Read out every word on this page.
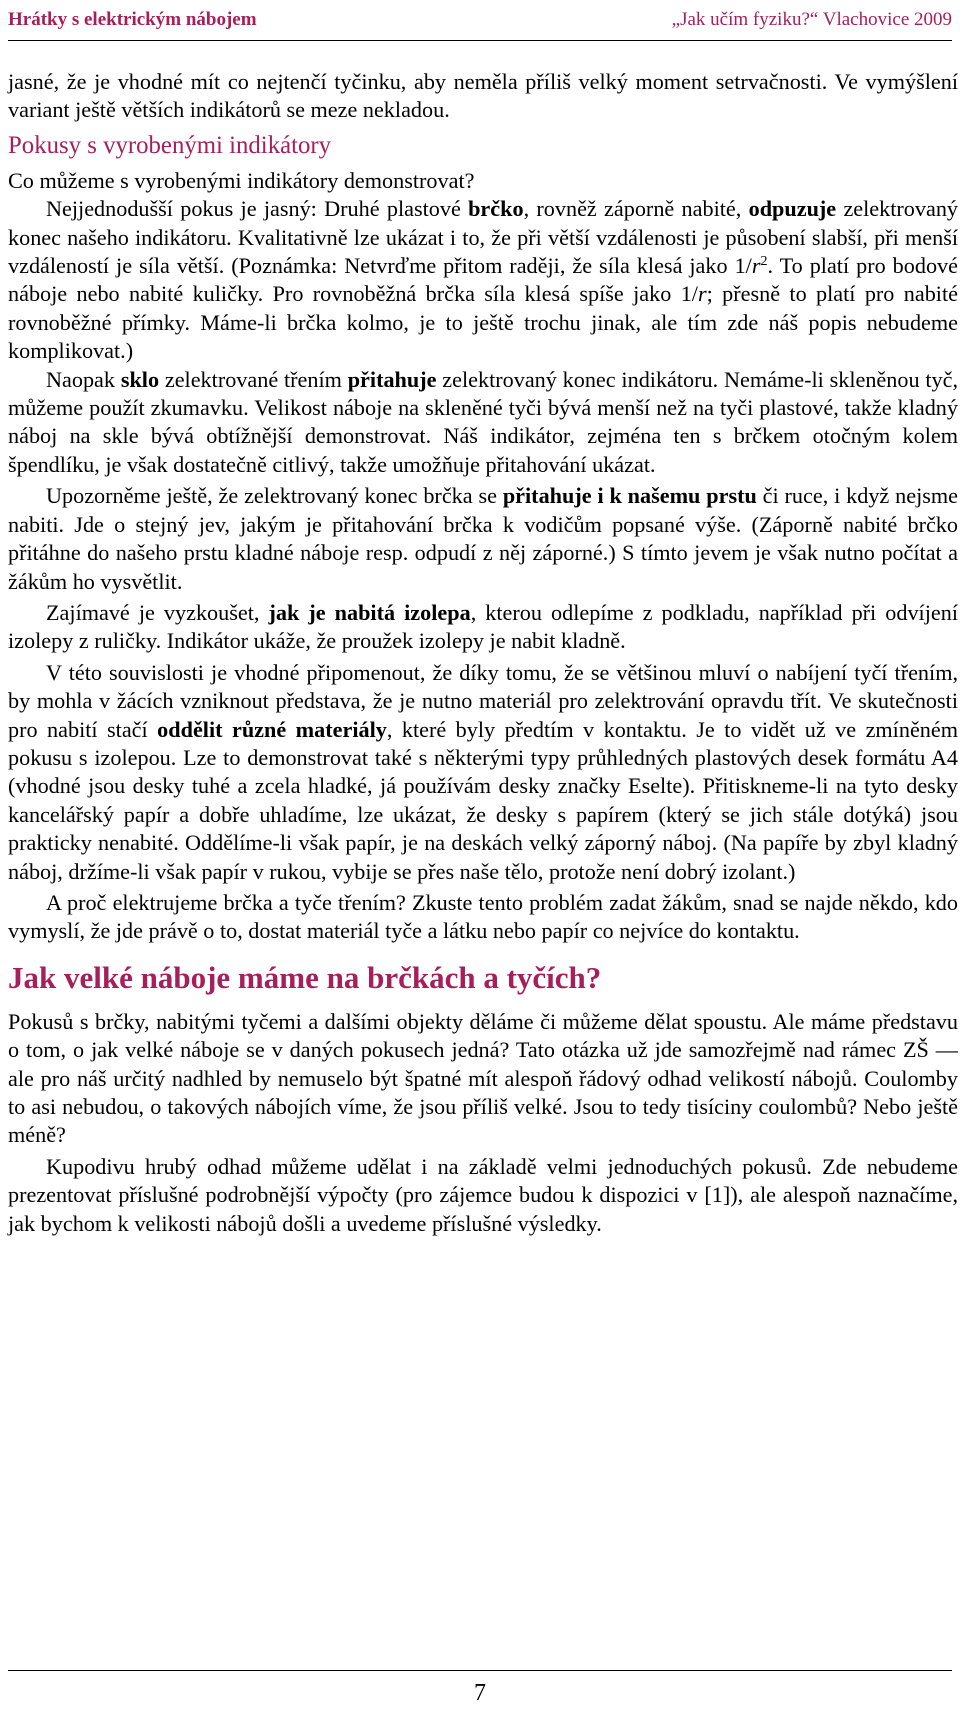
Hrátky s elektrickým nábojem	„Jak učím fyziku?“ Vlachovice 2009

jasné, že je vhodné mít co nejtenčí tyčinku, aby neměla příliš velký moment setrvačnosti. Ve vymýšlení variant ještě větších indikátorů se meze nekladou.

Pokusy s vyrobenými indikátory

Co můžeme s vyrobenými indikátory demonstrovat?

Nejjednodušší pokus je jasný: Druhé plastové brčko, rovněž záporně nabité, odpuzuje zelektrovaný konec našeho indikátoru. Kvalitativně lze ukázat i to, že při větší vzdálenosti je působení slabší, při menší vzdáleností je síla větší. (Poznámka: Netvrďme přitom raději, že síla klesá jako $1/r^2$. To platí pro bodové náboje nebo nabité kuličky. Pro rovnoběžná brčka síla klesá spíše jako 1/r; přesně to platí pro nabité rovnoběžné přímky. Máme-li brčka kolmo, je to ještě trochu jinak, ale tím zde náš popis nebudeme komplikovat.)

Naopak sklo zelektrované třením přitahuje zelektrovaný konec indikátoru. Nemáme-li skleněnou tyč, můžeme použít zkumavku. Velikost náboje na skleněné tyči bývá menší než na tyči plastové, takže kladný náboj na skle bývá obtížnější demonstrovat. Náš indikátor, zejména ten s brčkem otočným kolem špendlíku, je však dostatečně citlivý, takže umožňuje přitahování ukázat.

Upozorněme ještě, že zelektrovaný konec brčka se přitahuje i k našemu prstu či ruce, i když nejsme nabiti. Jde o stejný jev, jakým je přitahování brčka k vodičům popsané výše. (Záporně nabité brčko přitáhne do našeho prstu kladné náboje resp. odpudí z něj záporné.) S tímto jevem je však nutno počítat a žákům ho vysvětlit.

Zajímavé je vyzkoušet, jak je nabitá izolepa, kterou odlepíme z podkladu, například při odvíjení izolepy z ruličky. Indikátor ukáže, že proužek izolepy je nabit kladně.

V této souvislosti je vhodné připomenout, že díky tomu, že se většinou mluví o nabíjení tyčí třením, by mohla v žácích vzniknout představa, že je nutno materiál pro zelektrování opravdu třít. Ve skutečnosti pro nabití stačí oddělit různé materiály, které byly předtím v kontaktu. Je to vidět už ve zmíněném pokusu s izolepou. Lze to demonstrovat také s některými typy průhledných plastových desek formátu A4 (vhodné jsou desky tuhé a zcela hladké, já používám desky značky Eselte). Přitiskneme-li na tyto desky kancelářský papír a dobře uhladíme, lze ukázat, že desky s papírem (který se jich stále dotýká) jsou prakticky nenabité. Oddělíme-li však papír, je na deskách velký záporný náboj. (Na papíře by zbyl kladný náboj, držíme-li však papír v rukou, vybije se přes naše tělo, protože není dobrý izolant.)

A proč elektrujeme brčka a tyče třením? Zkuste tento problém zadat žákům, snad se najde někdo, kdo vymyslí, že jde právě o to, dostat materiál tyče a látku nebo papír co nejvíce do kontaktu.

Jak velké náboje máme na brčkách a tyčích?

Pokusů s brčky, nabitými tyčemi a dalšími objekty děláme či můžeme dělat spoustu. Ale máme představu o tom, o jak velké náboje se v daných pokusech jedná? Tato otázka už jde samozřejmě nad rámec ZŠ — ale pro náš určitý nadhled by nemuselo být špatné mít alespoň řádový odhad velikostí nábojů. Coulomby to asi nebudou, o takových nábojích víme, že jsou příliš velké. Jsou to tedy tisíciny coulombů? Nebo ještě méně?

Kupodivu hrubý odhad můžeme udělat i na základě velmi jednoduchých pokusů. Zde nebudeme prezentovat příslušné podrobnější výpočty (pro zájemce budou k dispozici v [1]), ale alespoň naznačíme, jak bychom k velikosti nábojů došli a uvedeme příslušné výsledky.

7
